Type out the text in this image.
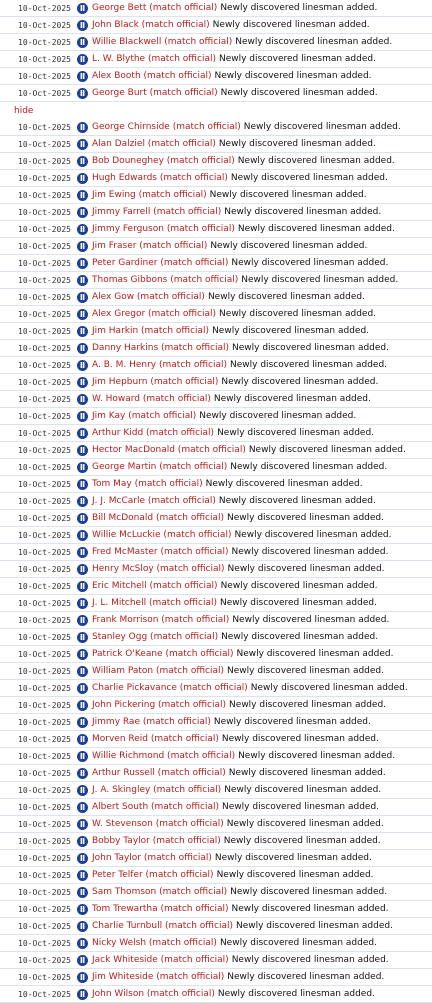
10-Oct-2025	Ⅱ George Bett (match official) Newly discovered linesman added.
10-Oct-2025	Ⅱ John Black (match official) Newly discovered linesman added.
10-Oct-2025	Ⅱ Willie Blackwell (match official) Newly discovered linesman added.
10-Oct-2025	Ⅱ L. W. Blythe (match official) Newly discovered linesman added.
10-Oct-2025	Ⅱ Alex Booth (match official) Newly discovered linesman added.
10-Oct-2025	Ⅱ George Burt (match official) Newly discovered linesman added.
hide
10-Oct-2025	Ⅱ George Chirnside (match official) Newly discovered linesman added.
10-Oct-2025	Ⅱ Alan Dalziel (match official) Newly discovered linesman added.
10-Oct-2025	Ⅱ Bob Douneghey (match official) Newly discovered linesman added.
10-Oct-2025	Ⅱ Hugh Edwards (match official) Newly discovered linesman added.
10-Oct-2025	Ⅱ Jim Ewing (match official) Newly discovered linesman added.
10-Oct-2025	Ⅱ Jimmy Farrell (match official) Newly discovered linesman added.
10-Oct-2025	Ⅱ Jimmy Ferguson (match official) Newly discovered linesman added.
10-Oct-2025	Ⅱ Jim Fraser (match official) Newly discovered linesman added.
10-Oct-2025	Ⅱ Peter Gardiner (match official) Newly discovered linesman added.
10-Oct-2025	Ⅱ Thomas Gibbons (match official) Newly discovered linesman added.
10-Oct-2025	Ⅱ Alex Gow (match official) Newly discovered linesman added.
10-Oct-2025	Ⅱ Alex Gregor (match official) Newly discovered linesman added.
10-Oct-2025	Ⅱ Jim Harkin (match official) Newly discovered linesman added.
10-Oct-2025	Ⅱ Danny Harkins (match official) Newly discovered linesman added.
10-Oct-2025	Ⅱ A. B. M. Henry (match official) Newly discovered linesman added.
10-Oct-2025	Ⅱ Jim Hepburn (match official) Newly discovered linesman added.
10-Oct-2025	Ⅱ W. Howard (match official) Newly discovered linesman added.
10-Oct-2025	Ⅱ Jim Kay (match official) Newly discovered linesman added.
10-Oct-2025	Ⅱ Arthur Kidd (match official) Newly discovered linesman added.
10-Oct-2025	Ⅱ Hector MacDonald (match official) Newly discovered linesman added.
10-Oct-2025	Ⅱ George Martin (match official) Newly discovered linesman added.
10-Oct-2025	Ⅱ Tom May (match official) Newly discovered linesman added.
10-Oct-2025	Ⅱ J. J. McCarle (match official) Newly discovered linesman added.
10-Oct-2025	Ⅱ Bill McDonald (match official) Newly discovered linesman added.
10-Oct-2025	Ⅱ Willie McLuckie (match official) Newly discovered linesman added.
10-Oct-2025	Ⅱ Fred McMaster (match official) Newly discovered linesman added.
10-Oct-2025	Ⅱ Henry McSloy (match official) Newly discovered linesman added.
10-Oct-2025	Ⅱ Eric Mitchell (match official) Newly discovered linesman added.
10-Oct-2025	Ⅱ J. L. Mitchell (match official) Newly discovered linesman added.
10-Oct-2025	Ⅱ Frank Morrison (match official) Newly discovered linesman added.
10-Oct-2025	Ⅱ Stanley Ogg (match official) Newly discovered linesman added.
10-Oct-2025	Ⅱ Patrick O'Keane (match official) Newly discovered linesman added.
10-Oct-2025	Ⅱ William Paton (match official) Newly discovered linesman added.
10-Oct-2025	Ⅱ Charlie Pickavance (match official) Newly discovered linesman added.
10-Oct-2025	Ⅱ John Pickering (match official) Newly discovered linesman added.
10-Oct-2025	Ⅱ Jimmy Rae (match official) Newly discovered linesman added.
10-Oct-2025	Ⅱ Morven Reid (match official) Newly discovered linesman added.
10-Oct-2025	Ⅱ Willie Richmond (match official) Newly discovered linesman added.
10-Oct-2025	Ⅱ Arthur Russell (match official) Newly discovered linesman added.
10-Oct-2025	Ⅱ J. A. Skingley (match official) Newly discovered linesman added.
10-Oct-2025	Ⅱ Albert South (match official) Newly discovered linesman added.
10-Oct-2025	Ⅱ W. Stevenson (match official) Newly discovered linesman added.
10-Oct-2025	Ⅱ Bobby Taylor (match official) Newly discovered linesman added.
10-Oct-2025	Ⅱ John Taylor (match official) Newly discovered linesman added.
10-Oct-2025	Ⅱ Peter Telfer (match official) Newly discovered linesman added.
10-Oct-2025	Ⅱ Sam Thomson (match official) Newly discovered linesman added.
10-Oct-2025	Ⅱ Tom Trewartha (match official) Newly discovered linesman added.
10-Oct-2025	Ⅱ Charlie Turnbull (match official) Newly discovered linesman added.
10-Oct-2025	Ⅱ Nicky Welsh (match official) Newly discovered linesman added.
10-Oct-2025	Ⅱ Jack Whiteside (match official) Newly discovered linesman added.
10-Oct-2025	Ⅱ Jim Whiteside (match official) Newly discovered linesman added.
10-Oct-2025	Ⅱ John Wilson (match official) Newly discovered linesman added.
